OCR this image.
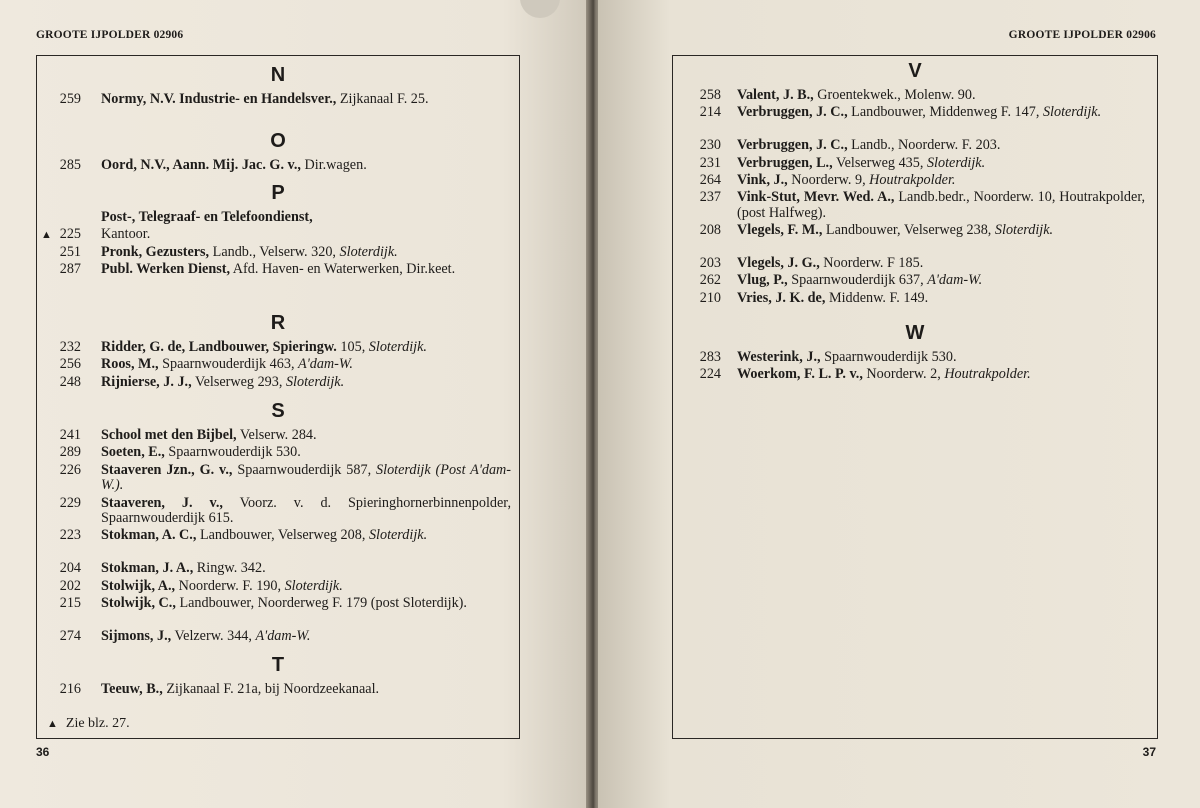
GROOTE IJPOLDER 02906
N
259 Normy, N.V. Industrie- en Handelsver., Zijkanaal F. 25.
O
285 Oord, N.V., Aann. Mij. Jac. G. v., Dir.wagen.
P
Post-, Telegraaf- en Telefoondienst,
▲ 225 Kantoor.
251 Pronk, Gezusters, Landb., Velserw. 320, Sloterdijk.
287 Publ. Werken Dienst, Afd. Haven- en Waterwerken, Dir.keet.
R
232 Ridder, G. de, Landbouwer, Spieringw. 105, Sloterdijk.
256 Roos, M., Spaarnwouderdijk 463, A'dam-W.
248 Rijnierse, J. J., Velserweg 293, Sloterdijk.
S
241 School met den Bijbel, Velserw. 284.
289 Soeten, E., Spaarnwouderdijk 530.
226 Staaveren Jzn., G. v., Spaarnwouderdijk 587, Sloterdijk (Post A'dam-W.).
229 Staaveren, J. v., Voorz. v. d. Spieringhornerbinnenpolder, Spaarnwouderdijk 615.
223 Stokman, A. C., Landbouwer, Velserweg 208, Sloterdijk.
204 Stokman, J. A., Ringw. 342.
202 Stolwijk, A., Noorderw. F. 190, Sloterdijk.
215 Stolwijk, C., Landbouwer, Noorderweg F. 179 (post Sloterdijk).
274 Sijmons, J., Velzerw. 344, A'dam-W.
T
216 Teeuw, B., Zijkanaal F. 21a, bij Noordzeekanaal.
▲ Zie blz. 27.
36
GROOTE IJPOLDER 02906
V
258 Valent, J. B., Groentekwek., Molenw. 90.
214 Verbruggen, J. C., Landbouwer, Middenweg F. 147, Sloterdijk.
230 Verbruggen, J. C., Landb., Noorderw. F. 203.
231 Verbruggen, L., Velserweg 435, Sloterdijk.
264 Vink, J., Noorderw. 9, Houtrakpolder.
237 Vink-Stut, Mevr. Wed. A., Landb.bedr., Noorderw. 10, Houtrakpolder, (post Halfweg).
208 Vlegels, F. M., Landbouwer, Velserweg 238, Sloterdijk.
203 Vlegels, J. G., Noorderw. F 185.
262 Vlug, P., Spaarnwouderdijk 637, A'dam-W.
210 Vries, J. K. de, Middenw. F. 149.
W
283 Westerink, J., Spaarnwouderdijk 530.
224 Woerkom, F. L. P. v., Noorderw. 2, Houtrakpolder.
37
